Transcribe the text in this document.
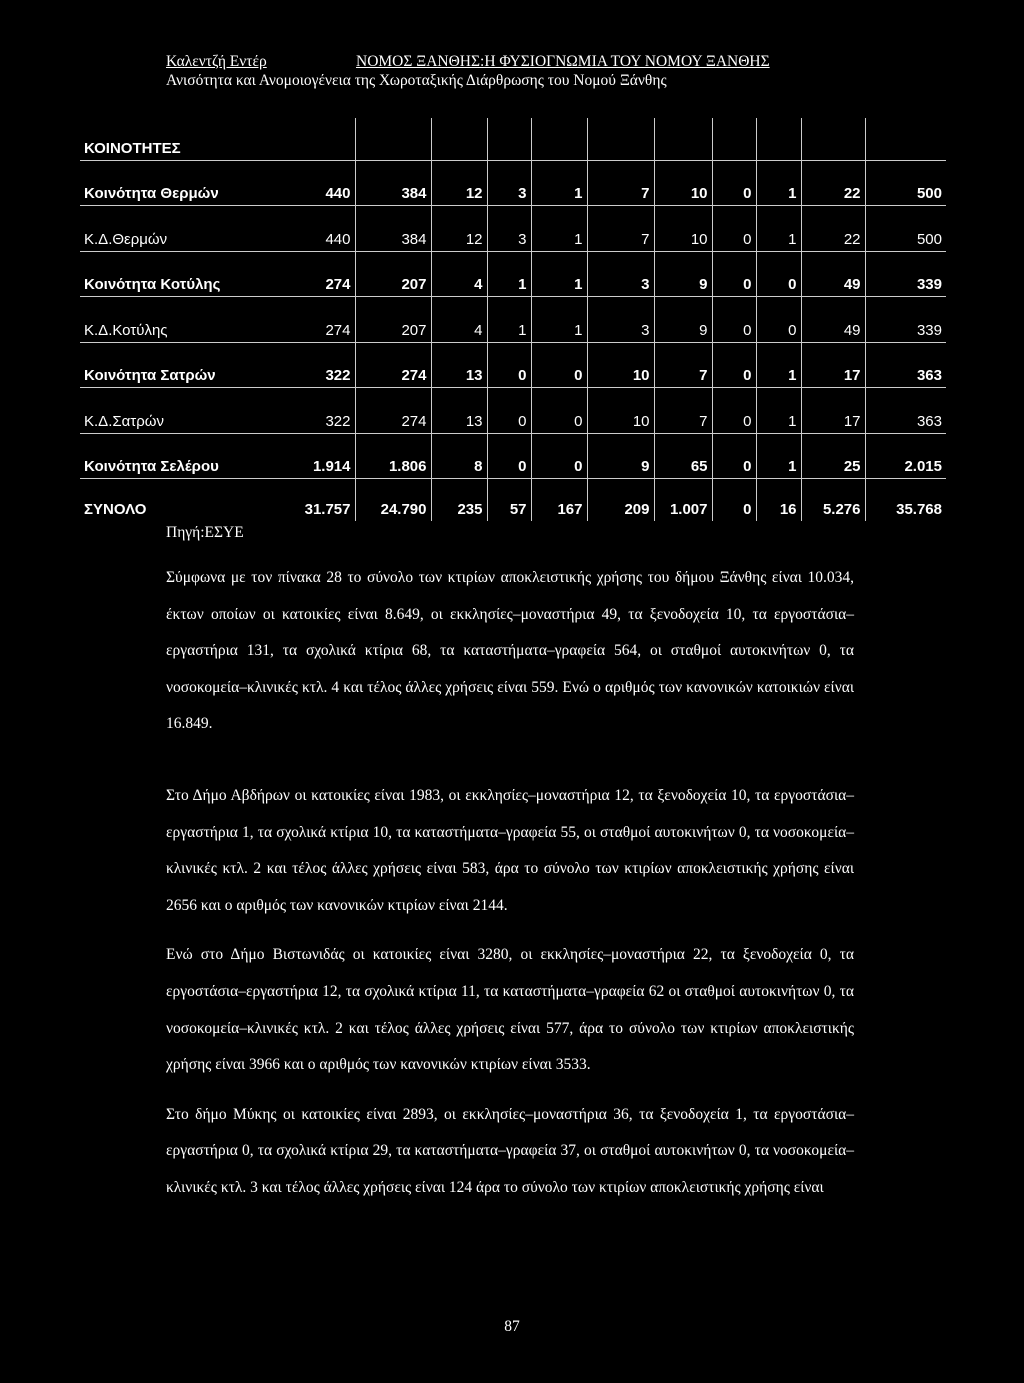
Καλεντζή Εντέρ	ΝΟΜΟΣ ΞΑΝΘΗΣ:Η ΦΥΣΙΟΓΝΩΜΙΑ ΤΟΥ ΝΟΜΟΥ ΞΑΝΘΗΣ
Ανισότητα και Ανομοιογένεια της Χωροταξικής Διάρθρωσης του Νομού Ξάνθης
ΚΟΙΝΟΤΗΤΕΣ											
Κοινότητα Θερμών	440	384	12	3	1	7	10	0	1	22	500
Κ.Δ.Θερμών	440	384	12	3	1	7	10	0	1	22	500
Κοινότητα Κοτύλης	274	207	4	1	1	3	9	0	0	49	339
Κ.Δ.Κοτύλης	274	207	4	1	1	3	9	0	0	49	339
Κοινότητα Σατρών	322	274	13	0	0	10	7	0	1	17	363
Κ.Δ.Σατρών	322	274	13	0	0	10	7	0	1	17	363
Κοινότητα Σελέρου	1.914	1.806	8	0	0	9	65	0	1	25	2.015
ΣΥΝΟΛΟ	31.757	24.790	235	57	167	209	1.007	0	16	5.276	35.768
Πηγή:ΕΣΥΕ

Σύμφωνα με τον πίνακα 28 το σύνολο των κτιρίων αποκλειστικής χρήσης του δήμου Ξάνθης είναι 10.034, έκτων οποίων οι κατοικίες είναι 8.649, οι εκκλησίες–μοναστήρια 49, τα ξενοδοχεία 10, τα εργοστάσια–εργαστήρια 131, τα σχολικά κτίρια 68, τα καταστήματα–γραφεία 564, οι σταθμοί αυτοκινήτων 0, τα νοσοκομεία–κλινικές κτλ. 4 και τέλος άλλες χρήσεις είναι 559. Ενώ ο αριθμός των κανονικών κατοικιών είναι 16.849.

Στο Δήμο Αβδήρων οι κατοικίες είναι 1983, οι εκκλησίες–μοναστήρια 12, τα ξενοδοχεία 10, τα εργοστάσια–εργαστήρια 1, τα σχολικά κτίρια 10, τα καταστήματα–γραφεία 55, οι σταθμοί αυτοκινήτων 0, τα νοσοκομεία–κλινικές κτλ. 2 και τέλος άλλες χρήσεις είναι 583, άρα το σύνολο των κτιρίων αποκλειστικής χρήσης είναι 2656 και ο αριθμός των κανονικών κτιρίων είναι 2144.

Ενώ στο Δήμο Βιστωνιδάς οι κατοικίες είναι 3280, οι εκκλησίες–μοναστήρια 22, τα ξενοδοχεία 0, τα εργοστάσια–εργαστήρια 12, τα σχολικά κτίρια 11, τα καταστήματα–γραφεία 62 οι σταθμοί αυτοκινήτων 0, τα νοσοκομεία–κλινικές κτλ. 2 και τέλος άλλες χρήσεις είναι 577, άρα το σύνολο των κτιρίων αποκλειστικής χρήσης είναι 3966 και ο αριθμός των κανονικών κτιρίων είναι 3533.

Στο δήμο Μύκης οι κατοικίες είναι 2893, οι εκκλησίες–μοναστήρια 36, τα ξενοδοχεία 1, τα εργοστάσια–εργαστήρια 0, τα σχολικά κτίρια 29, τα καταστήματα–γραφεία 37, οι σταθμοί αυτοκινήτων 0, τα νοσοκομεία–κλινικές κτλ. 3 και τέλος άλλες χρήσεις είναι 124 άρα το σύνολο των κτιρίων αποκλειστικής χρήσης είναι

87
